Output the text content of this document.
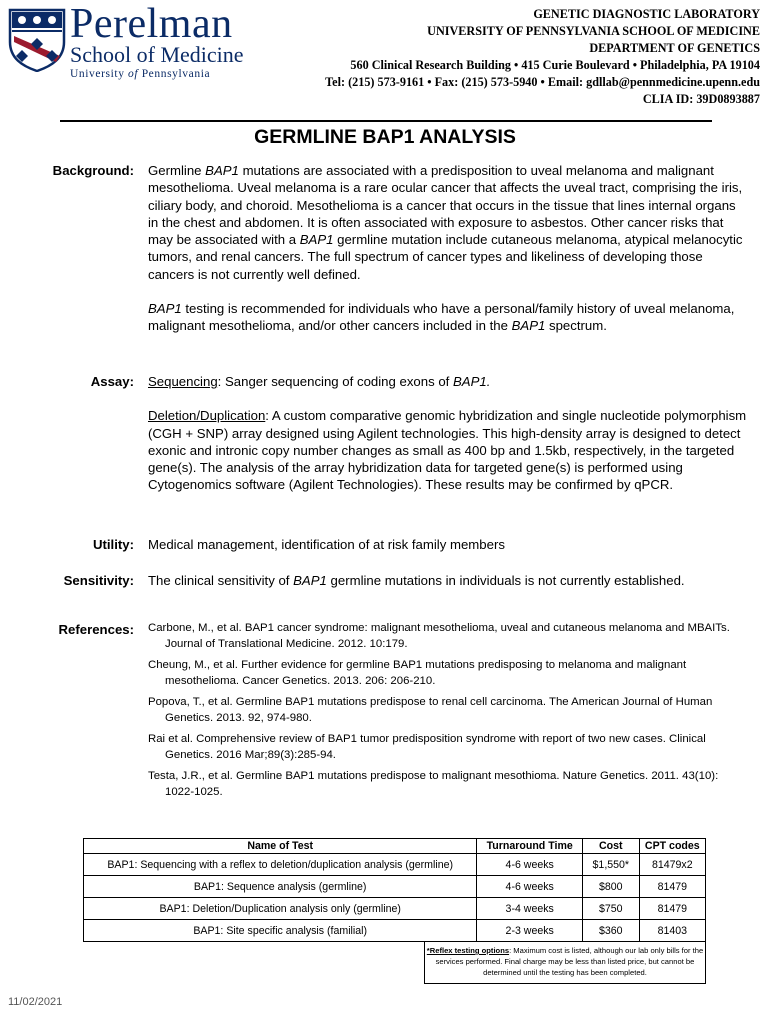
Perelman
School of Medicine
University of Pennsylvania
GENETIC DIAGNOSTIC LABORATORY
UNIVERSITY OF PENNSYLVANIA SCHOOL OF MEDICINE
DEPARTMENT OF GENETICS
560 Clinical Research Building • 415 Curie Boulevard • Philadelphia, PA 19104
Tel: (215) 573-9161 • Fax: (215) 573-5940 • Email: gdllab@pennmedicine.upenn.edu
CLIA ID: 39D0893887
GERMLINE BAP1 ANALYSIS
Background: Germline BAP1 mutations are associated with a predisposition to uveal melanoma and malignant mesothelioma. Uveal melanoma is a rare ocular cancer that affects the uveal tract, comprising the iris, ciliary body, and choroid. Mesothelioma is a cancer that occurs in the tissue that lines internal organs in the chest and abdomen. It is often associated with exposure to asbestos. Other cancer risks that may be associated with a BAP1 germline mutation include cutaneous melanoma, atypical melanocytic tumors, and renal cancers. The full spectrum of cancer types and likeliness of developing those cancers is not currently well defined.

BAP1 testing is recommended for individuals who have a personal/family history of uveal melanoma, malignant mesothelioma, and/or other cancers included in the BAP1 spectrum.

Assay: Sequencing: Sanger sequencing of coding exons of BAP1.

Deletion/Duplication: A custom comparative genomic hybridization and single nucleotide polymorphism (CGH + SNP) array designed using Agilent technologies. This high-density array is designed to detect exonic and intronic copy number changes as small as 400 bp and 1.5kb, respectively, in the targeted gene(s). The analysis of the array hybridization data for targeted gene(s) is performed using Cytogenomics software (Agilent Technologies). These results may be confirmed by qPCR.

Utility: Medical management, identification of at risk family members
Sensitivity: The clinical sensitivity of BAP1 germline mutations in individuals is not currently established.
References: Carbone, M., et al. BAP1 cancer syndrome: malignant mesothelioma, uveal and cutaneous melanoma and MBAITs. Journal of Translational Medicine. 2012. 10:179.

Cheung, M., et al. Further evidence for germline BAP1 mutations predisposing to melanoma and malignant mesothelioma. Cancer Genetics. 2013. 206: 206-210.

Popova, T., et al. Germline BAP1 mutations predispose to renal cell carcinoma. The American Journal of Human Genetics. 2013. 92, 974-980.

Rai et al. Comprehensive review of BAP1 tumor predisposition syndrome with report of two new cases. Clinical Genetics. 2016 Mar;89(3):285-94.

Testa, J.R., et al. Germline BAP1 mutations predispose to malignant mesothioma. Nature Genetics. 2011. 43(10): 1022-1025.

Name of Test	Turnaround Time	Cost	CPT codes
BAP1: Sequencing with a reflex to deletion/duplication analysis (germline)	4-6 weeks	$1,550*	81479x2
BAP1: Sequence analysis (germline)	4-6 weeks	$800	81479
BAP1: Deletion/Duplication analysis only (germline)	3-4 weeks	$750	81479
BAP1: Site specific analysis (familial)	2-3 weeks	$360	81403
*Reflex testing options: Maximum cost is listed, although our lab only bills for the services performed. Final charge may be less than listed price, but cannot be determined until the testing has been completed.
11/02/2021
